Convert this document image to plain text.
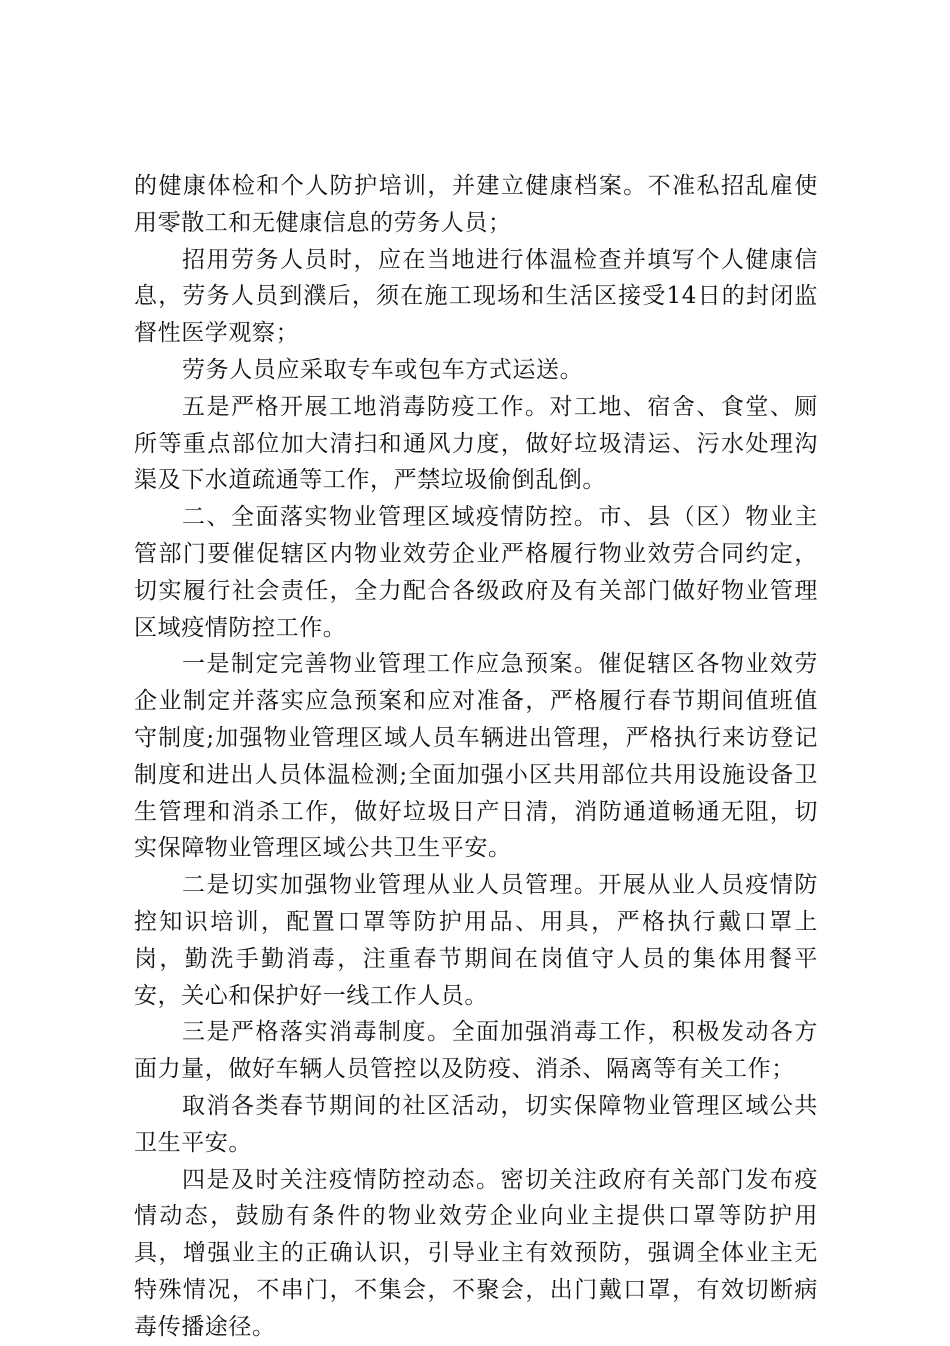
的健康体检和个人防护培训，并建立健康档案。不准私招乱雇使用零散工和无健康信息的劳务人员；

招用劳务人员时，应在当地进行体温检查并填写个人健康信息，劳务人员到濮后，须在施工现场和生活区接受14日的封闭监督性医学观察；

劳务人员应采取专车或包车方式运送。

五是严格开展工地消毒防疫工作。对工地、宿舍、食堂、厕所等重点部位加大清扫和通风力度，做好垃圾清运、污水处理沟渠及下水道疏通等工作，严禁垃圾偷倒乱倒。

二、全面落实物业管理区域疫情防控。市、县（区）物业主管部门要催促辖区内物业效劳企业严格履行物业效劳合同约定，切实履行社会责任，全力配合各级政府及有关部门做好物业管理区域疫情防控工作。

一是制定完善物业管理工作应急预案。催促辖区各物业效劳企业制定并落实应急预案和应对准备，严格履行春节期间值班值守制度;加强物业管理区域人员车辆进出管理，严格执行来访登记制度和进出人员体温检测;全面加强小区共用部位共用设施设备卫生管理和消杀工作，做好垃圾日产日清，消防通道畅通无阻，切实保障物业管理区域公共卫生平安。

二是切实加强物业管理从业人员管理。开展从业人员疫情防控知识培训，配置口罩等防护用品、用具，严格执行戴口罩上岗，勤洗手勤消毒，注重春节期间在岗值守人员的集体用餐平安，关心和保护好一线工作人员。

三是严格落实消毒制度。全面加强消毒工作，积极发动各方面力量，做好车辆人员管控以及防疫、消杀、隔离等有关工作；

取消各类春节期间的社区活动，切实保障物业管理区域公共卫生平安。

四是及时关注疫情防控动态。密切关注政府有关部门发布疫情动态，鼓励有条件的物业效劳企业向业主提供口罩等防护用具，增强业主的正确认识，引导业主有效预防，强调全体业主无特殊情况，不串门，不集会，不聚会，出门戴口罩，有效切断病毒传播途径。
